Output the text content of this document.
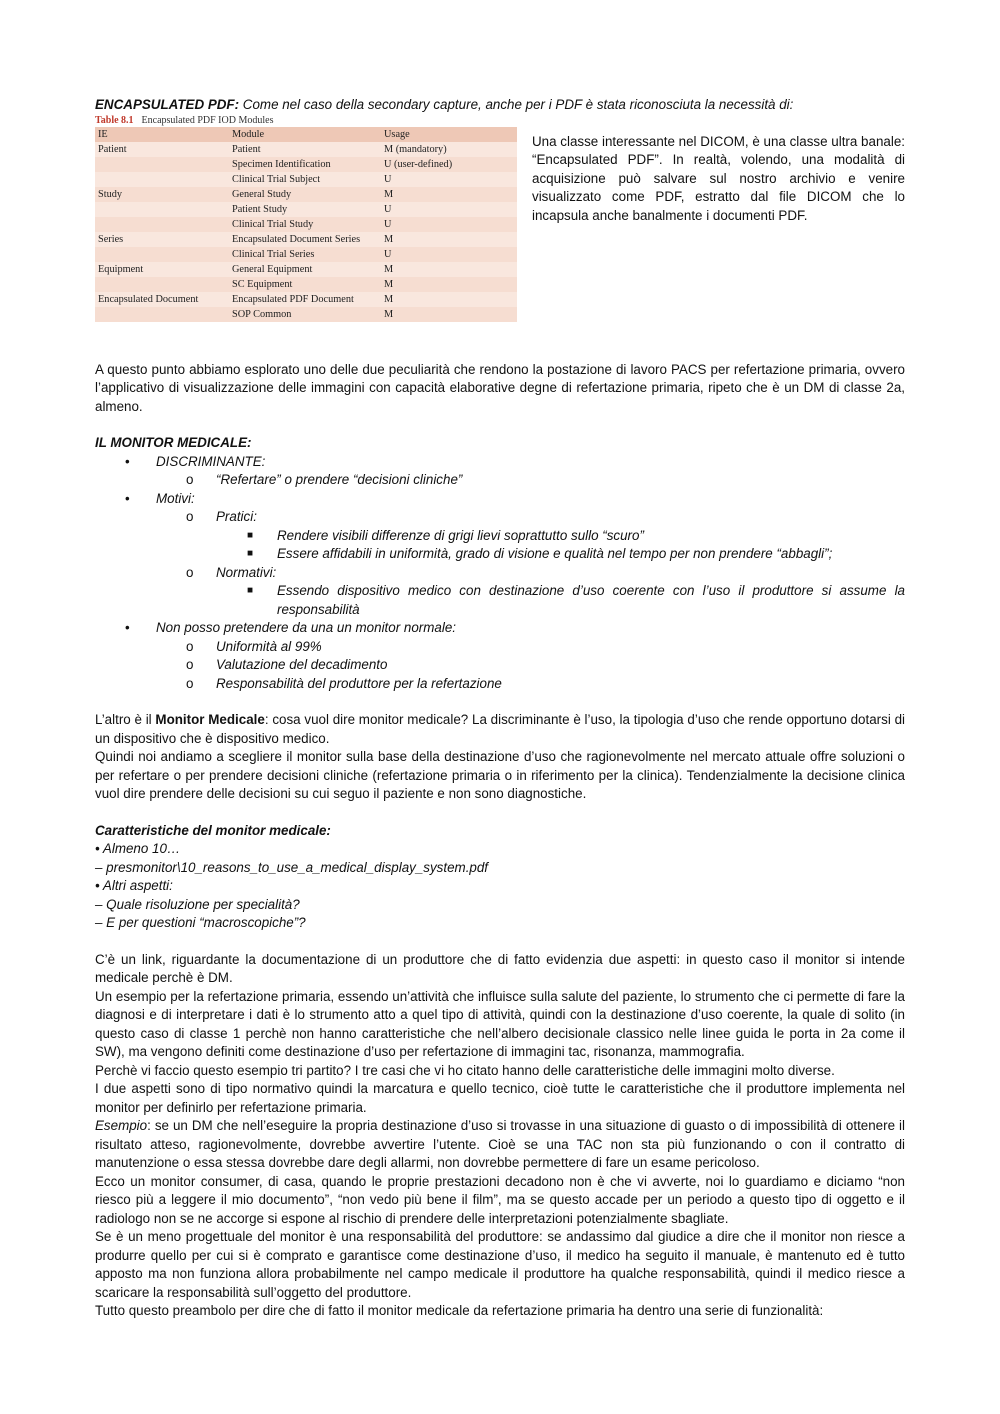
ENCAPSULATED PDF: Come nel caso della secondary capture, anche per i PDF è stata riconosciuta la necessità di:

Table 8.1 Encapsulated PDF IOD Modules
IE	Module	Usage
Patient	Patient	M (mandatory)
	Specimen Identification	U (user-defined)
	Clinical Trial Subject	U
Study	General Study	M
	Patient Study	U
	Clinical Trial Study	U
Series	Encapsulated Document Series	M
	Clinical Trial Series	U
Equipment	General Equipment	M
	SC Equipment	M
Encapsulated Document	Encapsulated PDF Document	M
	SOP Common	M

Una classe interessante nel DICOM, è una classe ultra banale: “Encapsulated PDF”. In realtà, volendo, una modalità di acquisizione può salvare sul nostro archivio e venire visualizzato come PDF, estratto dal file DICOM che lo incapsula anche banalmente i documenti PDF.

A questo punto abbiamo esplorato uno delle due peculiarità che rendono la postazione di lavoro PACS per refertazione primaria, ovvero l’applicativo di visualizzazione delle immagini con capacità elaborative degne di refertazione primaria, ripeto che è un DM di classe 2a, almeno.

IL MONITOR MEDICALE:

• DISCRIMINANTE:
o “Refertare” o prendere “decisioni cliniche”
• Motivi:
o Pratici:
■ Rendere visibili differenze di grigi lievi soprattutto sullo “scuro”
■ Essere affidabili in uniformità, grado di visione e qualità nel tempo per non prendere “abbagli”;
o Normativi:
■ Essendo dispositivo medico con destinazione d’uso coerente con l’uso il produttore si assume la responsabilità
• Non posso pretendere da una un monitor normale:
o Uniformità al 99%
o Valutazione del decadimento
o Responsabilità del produttore per la refertazione

L’altro è il Monitor Medicale: cosa vuol dire monitor medicale? La discriminante è l’uso, la tipologia d’uso che rende opportuno dotarsi di un dispositivo che è dispositivo medico.

Quindi noi andiamo a scegliere il monitor sulla base della destinazione d’uso che ragionevolmente nel mercato attuale offre soluzioni o per refertare o per prendere decisioni cliniche (refertazione primaria o in riferimento per la clinica). Tendenzialmente la decisione clinica vuol dire prendere delle decisioni su cui seguo il paziente e non sono diagnostiche.

Caratteristiche del monitor medicale:

• Almeno 10…

– presmonitor\10_reasons_to_use_a_medical_display_system.pdf

• Altri aspetti:

– Quale risoluzione per specialità?

– E per questioni “macroscopiche”?

C’è un link, riguardante la documentazione di un produttore che di fatto evidenzia due aspetti: in questo caso il monitor si intende medicale perchè è DM.

Un esempio per la refertazione primaria, essendo un’attività che influisce sulla salute del paziente, lo strumento che ci permette di fare la diagnosi e di interpretare i dati è lo strumento atto a quel tipo di attività, quindi con la destinazione d’uso coerente, la quale di solito (in questo caso di classe 1 perchè non hanno caratteristiche che nell’albero decisionale classico nelle linee guida le porta in 2a come il SW), ma vengono definiti come destinazione d’uso per refertazione di immagini tac, risonanza, mammografia.

Perchè vi faccio questo esempio tri partito? I tre casi che vi ho citato hanno delle caratteristiche delle immagini molto diverse.

I due aspetti sono di tipo normativo quindi la marcatura e quello tecnico, cioè tutte le caratteristiche che il produttore implementa nel monitor per definirlo per refertazione primaria.

Esempio: se un DM che nell’eseguire la propria destinazione d’uso si trovasse in una situazione di guasto o di impossibilità di ottenere il risultato atteso, ragionevolmente, dovrebbe avvertire l’utente. Cioè se una TAC non sta più funzionando o con il contratto di manutenzione o essa stessa dovrebbe dare degli allarmi, non dovrebbe permettere di fare un esame pericoloso.

Ecco un monitor consumer, di casa, quando le proprie prestazioni decadono non è che vi avverte, noi lo guardiamo e diciamo “non riesco più a leggere il mio documento”, “non vedo più bene il film”, ma se questo accade per un periodo a questo tipo di oggetto e il radiologo non se ne accorge si espone al rischio di prendere delle interpretazioni potenzialmente sbagliate.

Se è un meno progettuale del monitor è una responsabilità del produttore: se andassimo dal giudice a dire che il monitor non riesce a produrre quello per cui si è comprato e garantisce come destinazione d’uso, il medico ha seguito il manuale, è mantenuto ed è tutto apposto ma non funziona allora probabilmente nel campo medicale il produttore ha qualche responsabilità, quindi il medico riesce a scaricare la responsabilità sull’oggetto del produttore.

Tutto questo preambolo per dire che di fatto il monitor medicale da refertazione primaria ha dentro una serie di funzionalità:
